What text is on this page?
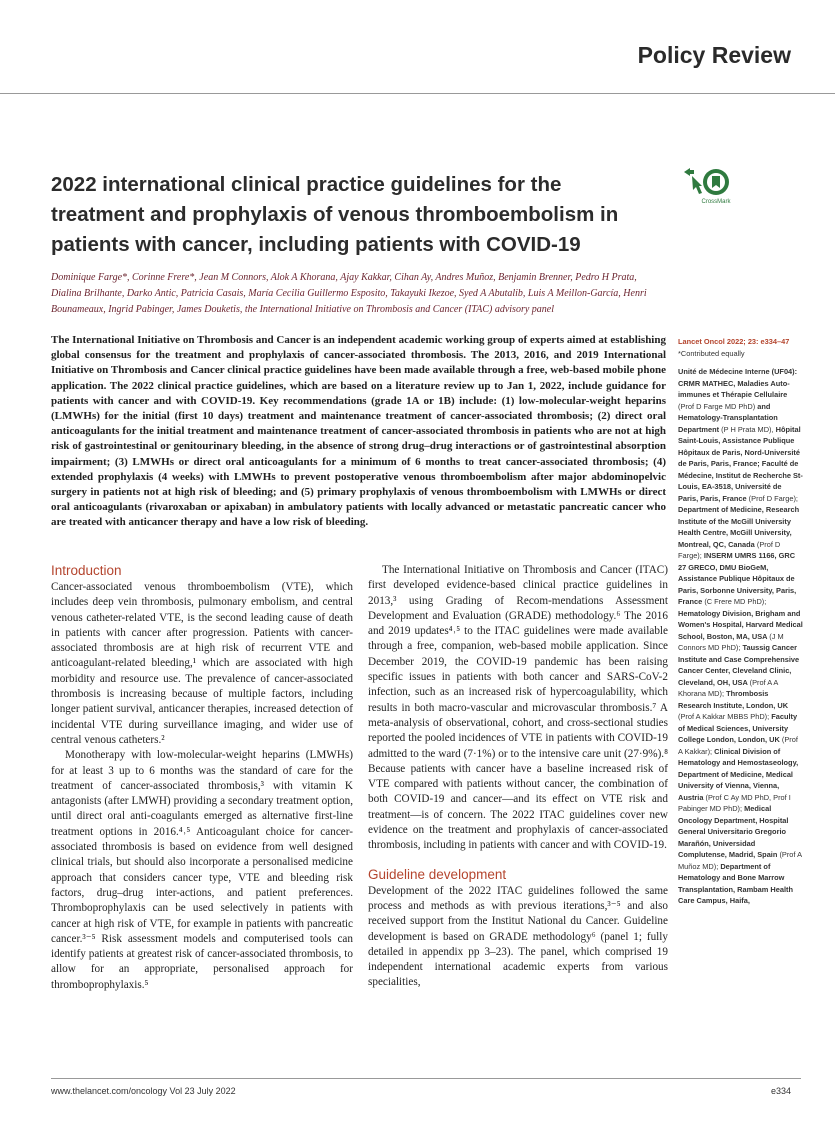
Policy Review
2022 international clinical practice guidelines for the treatment and prophylaxis of venous thromboembolism in patients with cancer, including patients with COVID-19
CrossMark
Dominique Farge*, Corinne Frere*, Jean M Connors, Alok A Khorana, Ajay Kakkar, Cihan Ay, Andres Muñoz, Benjamin Brenner, Pedro H Prata, Dialina Brilhante, Darko Antic, Patricia Casais, María Cecilia Guillermo Esposito, Takayuki Ikezoe, Syed A Abutalib, Luis A Meillon-García, Henri Bounameaux, Ingrid Pabinger, James Douketis, the International Initiative on Thrombosis and Cancer (ITAC) advisory panel
The International Initiative on Thrombosis and Cancer is an independent academic working group of experts aimed at establishing global consensus for the treatment and prophylaxis of cancer-associated thrombosis. The 2013, 2016, and 2019 International Initiative on Thrombosis and Cancer clinical practice guidelines have been made available through a free, web-based mobile phone application. The 2022 clinical practice guidelines, which are based on a literature review up to Jan 1, 2022, include guidance for patients with cancer and with COVID-19. Key recommendations (grade 1A or 1B) include: (1) low-molecular-weight heparins (LMWHs) for the initial (first 10 days) treatment and maintenance treatment of cancer-associated thrombosis; (2) direct oral anticoagulants for the initial treatment and maintenance treatment of cancer-associated thrombosis in patients who are not at high risk of gastrointestinal or genitourinary bleeding, in the absence of strong drug–drug interactions or of gastrointestinal absorption impairment; (3) LMWHs or direct oral anticoagulants for a minimum of 6 months to treat cancer-associated thrombosis; (4) extended prophylaxis (4 weeks) with LMWHs to prevent postoperative venous thromboembolism after major abdominopelvic surgery in patients not at high risk of bleeding; and (5) primary prophylaxis of venous thromboembolism with LMWHs or direct oral anticoagulants (rivaroxaban or apixaban) in ambulatory patients with locally advanced or metastatic pancreatic cancer who are treated with anticancer therapy and have a low risk of bleeding.
Introduction

Cancer-associated venous thromboembolism (VTE), which includes deep vein thrombosis, pulmonary embolism, and central venous catheter-related VTE, is the second leading cause of death in patients with cancer after progression. Patients with cancer-associated thrombosis are at high risk of recurrent VTE and anticoagulant-related bleeding,¹ which are associated with high morbidity and resource use. The prevalence of cancer-associated thrombosis is increasing because of multiple factors, including longer patient survival, anticancer therapies, increased detection of incidental VTE during surveillance imaging, and wider use of central venous catheters.²

Monotherapy with low-molecular-weight heparins (LMWHs) for at least 3 up to 6 months was the standard of care for the treatment of cancer-associated thrombosis,³ with vitamin K antagonists (after LMWH) providing a secondary treatment option, until direct oral anti-coagulants emerged as alternative first-line treatment options in 2016.⁴˒⁵ Anticoagulant choice for cancer-associated thrombosis is based on evidence from well designed clinical trials, but should also incorporate a personalised medicine approach that considers cancer type, VTE and bleeding risk factors, drug–drug inter-actions, and patient preferences. Thromboprophylaxis can be used selectively in patients with cancer at high risk of VTE, for example in patients with pancreatic cancer.³⁻⁵ Risk assessment models and computerised tools can identify patients at greatest risk of cancer-associated thrombosis, to allow for an appropriate, personalised approach for thromboprophylaxis.⁵

The International Initiative on Thrombosis and Cancer (ITAC) first developed evidence-based clinical practice guidelines in 2013,³ using Grading of Recom-mendations Assessment Development and Evaluation (GRADE) methodology.⁶ The 2016 and 2019 updates⁴˒⁵ to the ITAC guidelines were made available through a free, companion, web-based mobile application. Since December 2019, the COVID-19 pandemic has been raising specific issues in patients with both cancer and SARS-CoV-2 infection, such as an increased risk of hypercoagulability, which results in both macro-vascular and microvascular thrombosis.⁷ A meta-analysis of observational, cohort, and cross-sectional studies reported the pooled incidences of VTE in patients with COVID-19 admitted to the ward (7·1%) or to the intensive care unit (27·9%).⁸ Because patients with cancer have a baseline increased risk of VTE compared with patients without cancer, the combination of both COVID-19 and cancer—and its effect on VTE risk and treatment—is of concern. The 2022 ITAC guidelines cover new evidence on the treatment and prophylaxis of cancer-associated thrombosis, including in patients with cancer and with COVID-19.

Guideline development

Development of the 2022 ITAC guidelines followed the same process and methods as with previous iterations,³⁻⁵ and also received support from the Institut National du Cancer. Guideline development is based on GRADE methodology⁶ (panel 1; fully detailed in appendix pp 3–23). The panel, which comprised 19 independent international academic experts from various specialities,

Lancet Oncol 2022; 23: e334–47
*Contributed equally
Unité de Médecine Interne (UF04): CRMR MATHEC, Maladies Auto-immunes et Thérapie Cellulaire (Prof D Farge MD PhD) and Hematology-Transplantation Department (P H Prata MD), Hôpital Saint-Louis, Assistance Publique Hôpitaux de Paris, Nord-Université de Paris, Paris, France; Faculté de Médecine, Institut de Recherche St-Louis, EA-3518, Université de Paris, Paris, France (Prof D Farge); Department of Medicine, Research Institute of the McGill University Health Centre, McGill University, Montreal, QC, Canada (Prof D Farge); INSERM UMRS 1166, GRC 27 GRECO, DMU BioGeM, Assistance Publique Hôpitaux de Paris, Sorbonne University, Paris, France (C Frere MD PhD); Hematology Division, Brigham and Women's Hospital, Harvard Medical School, Boston, MA, USA (J M Connors MD PhD); Taussig Cancer Institute and Case Comprehensive Cancer Center, Cleveland Clinic, Cleveland, OH, USA (Prof A A Khorana MD); Thrombosis Research Institute, London, UK (Prof A Kakkar MBBS PhD); Faculty of Medical Sciences, University College London, London, UK (Prof A Kakkar); Clinical Division of Hematology and Hemostaseology, Department of Medicine, Medical University of Vienna, Vienna, Austria (Prof C Ay MD PhD, Prof I Pabinger MD PhD); Medical Oncology Department, Hospital General Universitario Gregorio Marañón, Universidad Complutense, Madrid, Spain (Prof A Muñoz MD); Department of Hematology and Bone Marrow Transplantation, Rambam Health Care Campus, Haifa,
www.thelancet.com/oncology Vol 23 July 2022	e334
